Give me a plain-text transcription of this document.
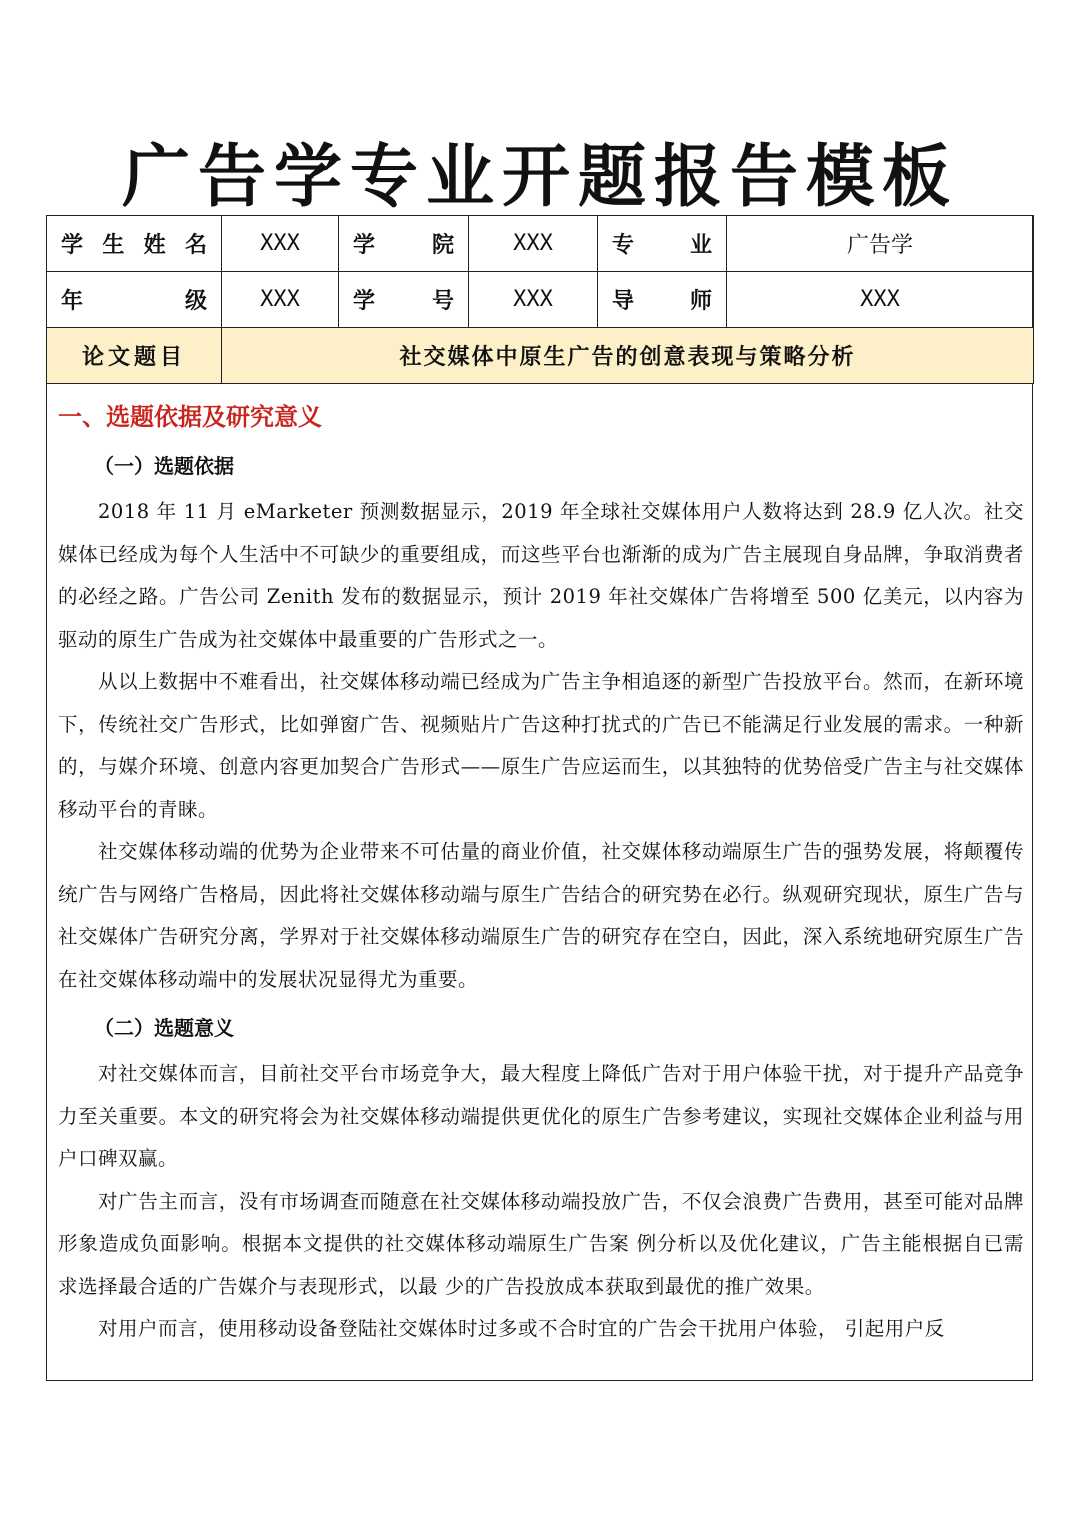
广告学专业开题报告模板
学 生 姓 名	XXX	学 院	XXX	专 业	广告学

年 级	XXX	学 号	XXX	导 师	XXX
论文题目	社交媒体中原生广告的创意表现与策略分析				

一、选题依据及研究意义

（一）选题依据

2018 年 11 月 eMarketer 预测数据显示，2019 年全球社交媒体用户人数将达到 28.9 亿人次。社交媒体已经成为每个人生活中不可缺少的重要组成，而这些平台也渐渐的成为广告主展现自身品牌，争取消费者的必经之路。广告公司 Zenith 发布的数据显示，预计 2019 年社交媒体广告将增至 500 亿美元，以内容为驱动的原生广告成为社交媒体中最重要的广告形式之一。

从以上数据中不难看出，社交媒体移动端已经成为广告主争相追逐的新型广告投放平台。然而，在新环境下，传统社交广告形式，比如弹窗广告、视频贴片广告这种打扰式的广告已不能满足行业发展的需求。一种新的，与媒介环境、创意内容更加契合广告形式——原生广告应运而生，以其独特的优势倍受广告主与社交媒体移动平台的青睐。

社交媒体移动端的优势为企业带来不可估量的商业价值，社交媒体移动端原生广告的强势发展，将颠覆传统广告与网络广告格局，因此将社交媒体移动端与原生广告结合的研究势在必行。纵观研究现状，原生广告与社交媒体广告研究分离，学界对于社交媒体移动端原生广告的研究存在空白，因此，深入系统地研究原生广告在社交媒体移动端中的发展状况显得尤为重要。

（二）选题意义

对社交媒体而言，目前社交平台市场竞争大，最大程度上降低广告对于用户体验干扰，对于提升产品竞争力至关重要。本文的研究将会为社交媒体移动端提供更优化的原生广告参考建议，实现社交媒体企业利益与用户口碑双赢。

对广告主而言，没有市场调查而随意在社交媒体移动端投放广告，不仅会浪费广告费用，甚至可能对品牌形象造成负面影响。根据本文提供的社交媒体移动端原生广告案 例分析以及优化建议，广告主能根据自已需求选择最合适的广告媒介与表现形式，以最 少的广告投放成本获取到最优的推广效果。

对用户而言，使用移动设备登陆社交媒体时过多或不合时宜的广告会干扰用户体验， 引起用户反
